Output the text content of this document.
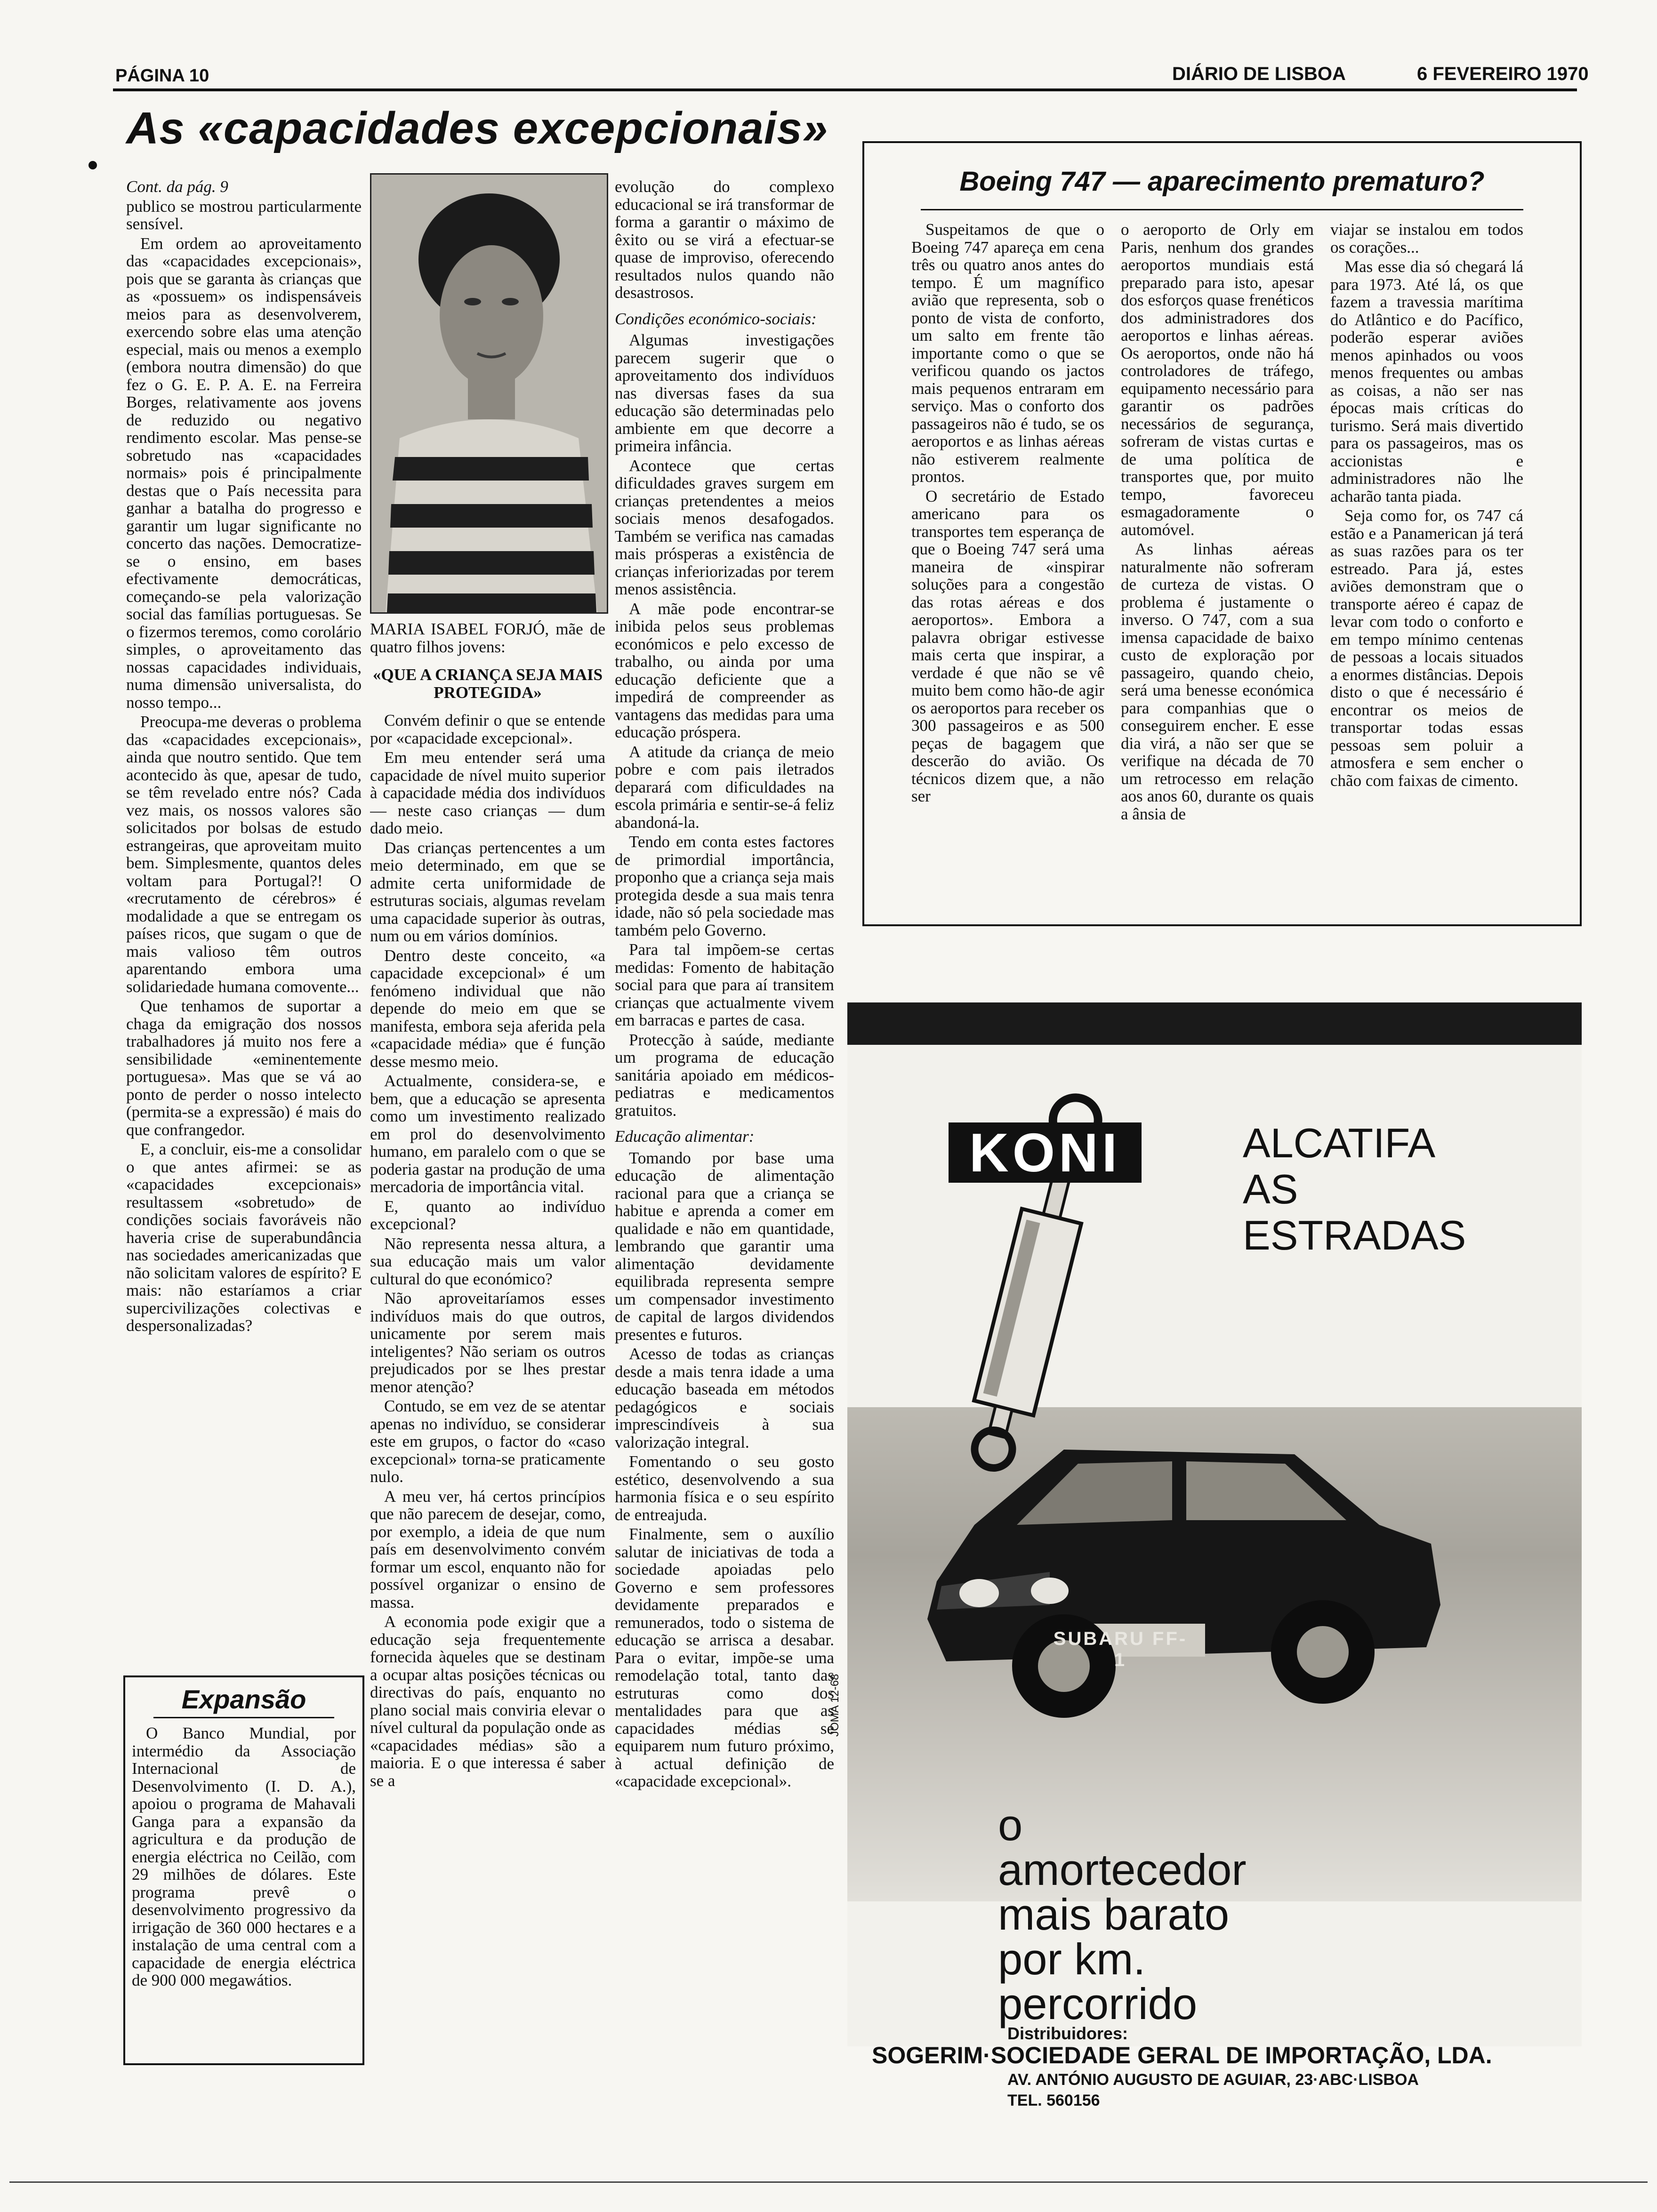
PÁGINA 10	DIÁRIO DE LISBOA	6 FEVEREIRO 1970
As «capacidades excepcionais»

Cont. da pág. 9

publico se mostrou particularmente sensível.

Em ordem ao aproveitamento das «capacidades excepcionais», pois que se garanta às crianças que as «possuem» os indispensáveis meios para as desenvolverem, exercendo sobre elas uma atenção especial, mais ou menos a exemplo (embora noutra dimensão) do que fez o G. E. P. A. E. na Ferreira Borges, relativamente aos jovens de reduzido ou negativo rendimento escolar. Mas pense-se sobretudo nas «capacidades normais» pois é principalmente destas que o País necessita para ganhar a batalha do progresso e garantir um lugar significante no concerto das nações. Democratize-se o ensino, em bases efectivamente democráticas, começando-se pela valorização social das famílias portuguesas. Se o fizermos teremos, como corolário simples, o aproveitamento das nossas capacidades individuais, numa dimensão universalista, do nosso tempo...

Preocupa-me deveras o problema das «capacidades excepcionais», ainda que noutro sentido. Que tem acontecido às que, apesar de tudo, se têm revelado entre nós? Cada vez mais, os nossos valores são solicitados por bolsas de estudo estrangeiras, que aproveitam muito bem. Simplesmente, quantos deles voltam para Portugal?! O «recrutamento de cérebros» é modalidade a que se entregam os países ricos, que sugam o que de mais valioso têm outros aparentando embora uma solidariedade humana comovente...

Que tenhamos de suportar a chaga da emigração dos nossos trabalhadores já muito nos fere a sensibilidade «eminentemente portuguesa». Mas que se vá ao ponto de perder o nosso intelecto (permita-se a expressão) é mais do que confrangedor.

E, a concluir, eis-me a consolidar o que antes afirmei: se as «capacidades excepcionais» resultassem «sobretudo» de condições sociais favoráveis não haveria crise de superabundância nas sociedades americanizadas que não solicitam valores de espírito? E mais: não estaríamos a criar supercivilizações colectivas e despersonalizadas?

Expansão

O Banco Mundial, por intermédio da Associação Internacional de Desenvolvimento (I. D. A.), apoiou o programa de Mahavali Ganga para a expansão da agricultura e da produção de energia eléctrica no Ceilão, com 29 milhões de dólares. Este programa prevê o desenvolvimento progressivo da irrigação de 360 000 hectares e a instalação de uma central com a capacidade de energia eléctrica de 900 000 megawátios.

MARIA ISABEL FORJÓ, mãe de quatro filhos jovens:

«QUE A CRIANÇA SEJA MAIS PROTEGIDA»

Convém definir o que se entende por «capacidade excepcional».

Em meu entender será uma capacidade de nível muito superior à capacidade média dos indivíduos — neste caso crianças — dum dado meio.

Das crianças pertencentes a um meio determinado, em que se admite certa uniformidade de estruturas sociais, algumas revelam uma capacidade superior às outras, num ou em vários domínios.

Dentro deste conceito, «a capacidade excepcional» é um fenómeno individual que não depende do meio em que se manifesta, embora seja aferida pela «capacidade média» que é função desse mesmo meio.

Actualmente, considera-se, e bem, que a educação se apresenta como um investimento realizado em prol do desenvolvimento humano, em paralelo com o que se poderia gastar na produção de uma mercadoria de importância vital.

E, quanto ao indivíduo excepcional?

Não representa nessa altura, a sua educação mais um valor cultural do que económico?

Não aproveitaríamos esses indivíduos mais do que outros, unicamente por serem mais inteligentes? Não seriam os outros prejudicados por se lhes prestar menor atenção?

Contudo, se em vez de se atentar apenas no indivíduo, se considerar este em grupos, o factor do «caso excepcional» torna-se praticamente nulo.

A meu ver, há certos princípios que não parecem de desejar, como, por exemplo, a ideia de que num país em desenvolvimento convém formar um escol, enquanto não for possível organizar o ensino de massa.

A economia pode exigir que a educação seja frequentemente fornecida àqueles que se destinam a ocupar altas posições técnicas ou directivas do país, enquanto no plano social mais conviria elevar o nível cultural da população onde as «capacidades médias» são a maioria. E o que interessa é saber se a

evolução do complexo educacional se irá transformar de forma a garantir o máximo de êxito ou se virá a efectuar-se quase de improviso, oferecendo resultados nulos quando não desastrosos.

Condições económico-sociais:

Algumas investigações parecem sugerir que o aproveitamento dos indivíduos nas diversas fases da sua educação são determinadas pelo ambiente em que decorre a primeira infância.

Acontece que certas dificuldades graves surgem em crianças pretendentes a meios sociais menos desafogados. Também se verifica nas camadas mais prósperas a existência de crianças inferiorizadas por terem menos assistência.

A mãe pode encontrar-se inibida pelos seus problemas económicos e pelo excesso de trabalho, ou ainda por uma educação deficiente que a impedirá de compreender as vantagens das medidas para uma educação próspera.

A atitude da criança de meio pobre e com pais iletrados deparará com dificuldades na escola primária e sentir-se-á feliz abandoná-la.

Tendo em conta estes factores de primordial importância, proponho que a criança seja mais protegida desde a sua mais tenra idade, não só pela sociedade mas também pelo Governo.

Para tal impõem-se certas medidas: Fomento de habitação social para que para aí transitem crianças que actualmente vivem em barracas e partes de casa.

Protecção à saúde, mediante um programa de educação sanitária apoiado em médicos-pediatras e medicamentos gratuitos.

Educação alimentar:

Tomando por base uma educação de alimentação racional para que a criança se habitue e aprenda a comer em qualidade e não em quantidade, lembrando que garantir uma alimentação devidamente equilibrada representa sempre um compensador investimento de capital de largos dividendos presentes e futuros.

Acesso de todas as crianças desde a mais tenra idade a uma educação baseada em métodos pedagógicos e sociais imprescindíveis à sua valorização integral.

Fomentando o seu gosto estético, desenvolvendo a sua harmonia física e o seu espírito de entreajuda.

Finalmente, sem o auxílio salutar de iniciativas de toda a sociedade apoiadas pelo Governo e sem professores devidamente preparados e remunerados, todo o sistema de educação se arrisca a desabar. Para o evitar, impõe-se uma remodelação total, tanto das estruturas como dos mentalidades para que as capacidades médias se equiparem num futuro próximo, à actual definição de «capacidade excepcional».

Boeing 747 — aparecimento prematuro?

Suspeitamos de que o Boeing 747 apareça em cena três ou quatro anos antes do tempo. É um magnífico avião que representa, sob o ponto de vista de conforto, um salto em frente tão importante como o que se verificou quando os jactos mais pequenos entraram em serviço. Mas o conforto dos passageiros não é tudo, se os aeroportos e as linhas aéreas não estiverem realmente prontos.

O secretário de Estado americano para os transportes tem esperança de que o Boeing 747 será uma maneira de «inspirar soluções para a congestão das rotas aéreas e dos aeroportos». Embora a palavra obrigar estivesse mais certa que inspirar, a verdade é que não se vê muito bem como hão-de agir os aeroportos para receber os 300 passageiros e as 500 peças de bagagem que descerão do avião. Os técnicos dizem que, a não ser

o aeroporto de Orly em Paris, nenhum dos grandes aeroportos mundiais está preparado para isto, apesar dos esforços quase frenéticos dos administradores dos aeroportos e linhas aéreas. Os aeroportos, onde não há controladores de tráfego, equipamento necessário para garantir os padrões necessários de segurança, sofreram de vistas curtas e de uma política de transportes que, por muito tempo, favoreceu esmagadoramente o automóvel.

As linhas aéreas naturalmente não sofreram de curteza de vistas. O problema é justamente o inverso. O 747, com a sua imensa capacidade de baixo custo de exploração por passageiro, quando cheio, será uma benesse económica para companhias que o conseguirem encher. E esse dia virá, a não ser que se verifique na década de 70 um retrocesso em relação aos anos 60, durante os quais a ânsia de

viajar se instalou em todos os corações...

Mas esse dia só chegará lá para 1973. Até lá, os que fazem a travessia marítima do Atlântico e do Pacífico, poderão esperar aviões menos apinhados ou voos menos frequentes ou ambas as coisas, a não ser nas épocas mais críticas do turismo. Será mais divertido para os passageiros, mas os accionistas e administradores não lhe acharão tanta piada.

Seja como for, os 747 cá estão e a Panamerican já terá as suas razões para os ter estreado. Para já, estes aviões demonstram que o transporte aéreo é capaz de levar com todo o conforto e em tempo mínimo centenas de pessoas a locais situados a enormes distâncias. Depois disto o que é necessário é encontrar os meios de transportar todas essas pessoas sem poluir a atmosfera e sem encher o chão com faixas de cimento.

KONI	ALCATIFA
AS
ESTRADAS
SUBARU FF-1
JOMA 12-68
o
amortecedor
mais barato
por km.
percorrido
Distribuidores:
SOGERIM·SOCIEDADE GERAL DE IMPORTAÇÃO, LDA.
AV. ANTÓNIO AUGUSTO DE AGUIAR, 23·ABC·LISBOA
TEL. 560156
